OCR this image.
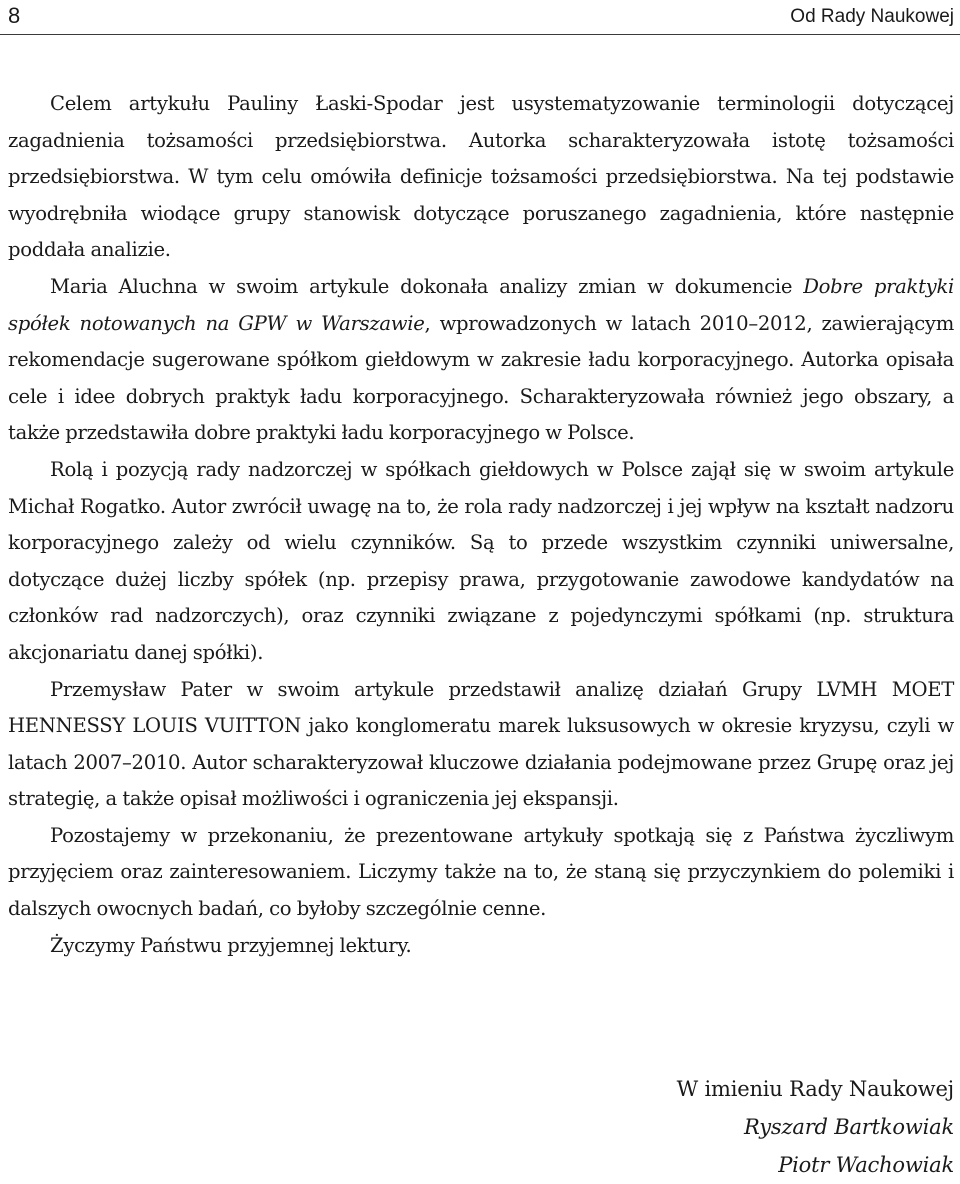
8	Od Rady Naukowej

Celem artykułu Pauliny Łaski-Spodar jest usystematyzowanie terminologii dotyczącej zagadnienia tożsamości przedsiębiorstwa. Autorka scharakteryzowała istotę tożsamości przedsiębiorstwa. W tym celu omówiła definicje tożsamości przedsiębiorstwa. Na tej podstawie wyodrębniła wiodące grupy stanowisk dotyczące poruszanego zagadnienia, które następnie poddała analizie.

Maria Aluchna w swoim artykule dokonała analizy zmian w dokumencie Dobre praktyki spółek notowanych na GPW w Warszawie, wprowadzonych w latach 2010–2012, zawierającym rekomendacje sugerowane spółkom giełdowym w zakresie ładu korporacyjnego. Autorka opisała cele i idee dobrych praktyk ładu korporacyjnego. Scharakteryzowała również jego obszary, a także przedstawiła dobre praktyki ładu korporacyjnego w Polsce.

Rolą i pozycją rady nadzorczej w spółkach giełdowych w Polsce zajął się w swoim artykule Michał Rogatko. Autor zwrócił uwagę na to, że rola rady nadzorczej i jej wpływ na kształt nadzoru korporacyjnego zależy od wielu czynników. Są to przede wszystkim czynniki uniwersalne, dotyczące dużej liczby spółek (np. przepisy prawa, przygotowanie zawodowe kandydatów na członków rad nadzorczych), oraz czynniki związane z pojedynczymi spółkami (np. struktura akcjonariatu danej spółki).

Przemysław Pater w swoim artykule przedstawił analizę działań Grupy LVMH MOET HENNESSY LOUIS VUITTON jako konglomeratu marek luksusowych w okresie kryzysu, czyli w latach 2007–2010. Autor scharakteryzował kluczowe działania podejmowane przez Grupę oraz jej strategię, a także opisał możliwości i ograniczenia jej ekspansji.

Pozostajemy w przekonaniu, że prezentowane artykuły spotkają się z Państwa życzliwym przyjęciem oraz zainteresowaniem. Liczymy także na to, że staną się przyczynkiem do polemiki i dalszych owocnych badań, co byłoby szczególnie cenne.

Życzymy Państwu przyjemnej lektury.

W imieniu Rady Naukowej
Ryszard Bartkowiak
Piotr Wachowiak
